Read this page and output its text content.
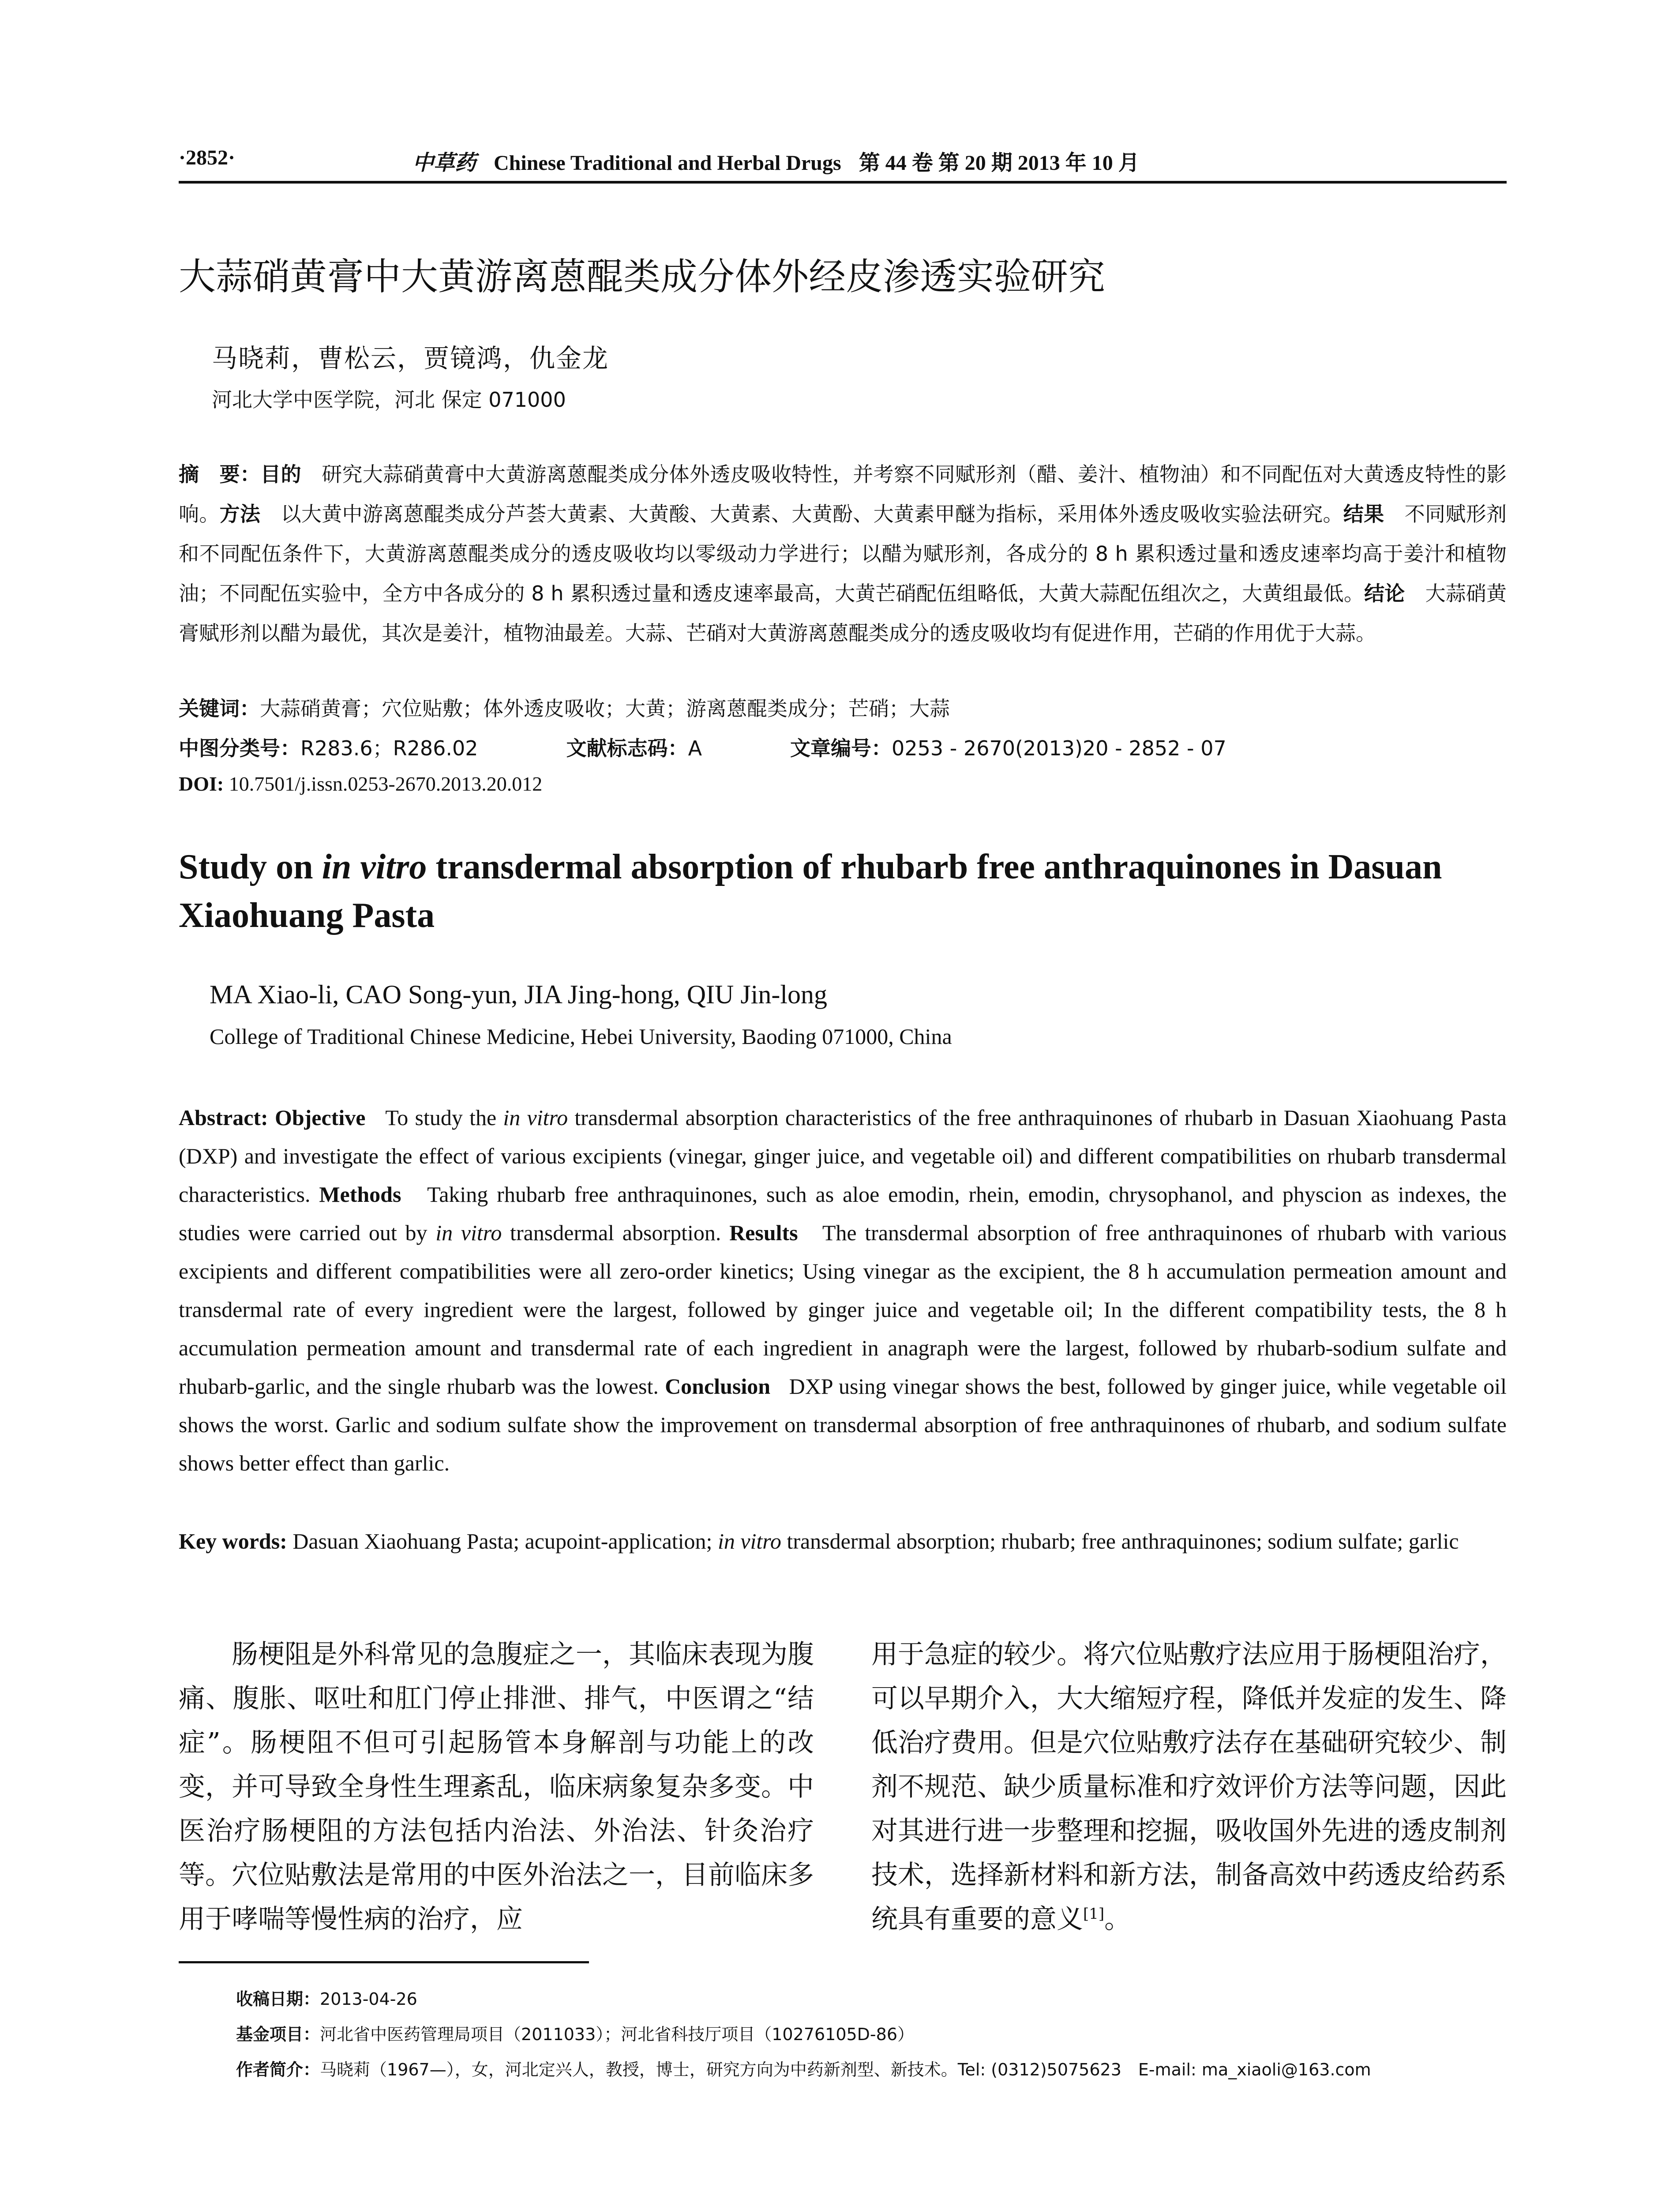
·2852·	中草药 Chinese Traditional and Herbal Drugs 第 44 卷 第 20 期 2013 年 10 月
大蒜硝黄膏中大黄游离蒽醌类成分体外经皮渗透实验研究
马晓莉，曹松云，贾镜鸿，仇金龙
河北大学中医学院，河北 保定 071000
摘　要：目的　 研究大蒜硝黄膏中大黄游离蒽醌类成分体外透皮吸收特性，并考察不同赋形剂（醋、姜汁、植物油）和不同配伍对大黄透皮特性的影响。方法　 以大黄中游离蒽醌类成分芦荟大黄素、大黄酸、大黄素、大黄酚、大黄素甲醚为指标，采用体外透皮吸收实验法研究。结果　 不同赋形剂和不同配伍条件下，大黄游离蒽醌类成分的透皮吸收均以零级动力学进行；以醋为赋形剂，各成分的 8 h 累积透过量和透皮速率均高于姜汁和植物油；不同配伍实验中，全方中各成分的 8 h 累积透过量和透皮速率最高，大黄芒硝配伍组略低，大黄大蒜配伍组次之，大黄组最低。结论　 大蒜硝黄膏赋形剂以醋为最优，其次是姜汁，植物油最差。大蒜、芒硝对大黄游离蒽醌类成分的透皮吸收均有促进作用，芒硝的作用优于大蒜。
关键词：大蒜硝黄膏；穴位贴敷；体外透皮吸收；大黄；游离蒽醌类成分；芒硝；大蒜
中图分类号：R283.6；R286.02	文献标志码：A	文章编号：0253 - 2670(2013)20 - 2852 - 07
DOI: 10.7501/j.issn.0253-2670.2013.20.012
Study on in vitro transdermal absorption of rhubarb free anthraquinones in Dasuan Xiaohuang Pasta
MA Xiao-li, CAO Song-yun, JIA Jing-hong, QIU Jin-long
College of Traditional Chinese Medicine, Hebei University, Baoding 071000, China
Abstract: Objective To study the in vitro transdermal absorption characteristics of the free anthraquinones of rhubarb in Dasuan Xiaohuang Pasta (DXP) and investigate the effect of various excipients (vinegar, ginger juice, and vegetable oil) and different compatibilities on rhubarb transdermal characteristics. Methods Taking rhubarb free anthraquinones, such as aloe emodin, rhein, emodin, chrysophanol, and physcion as indexes, the studies were carried out by in vitro transdermal absorption. Results The transdermal absorption of free anthraquinones of rhubarb with various excipients and different compatibilities were all zero-order kinetics; Using vinegar as the excipient, the 8 h accumulation permeation amount and transdermal rate of every ingredient were the largest, followed by ginger juice and vegetable oil; In the different compatibility tests, the 8 h accumulation permeation amount and transdermal rate of each ingredient in anagraph were the largest, followed by rhubarb-sodium sulfate and rhubarb-garlic, and the single rhubarb was the lowest. Conclusion DXP using vinegar shows the best, followed by ginger juice, while vegetable oil shows the worst. Garlic and sodium sulfate show the improvement on transdermal absorption of free anthraquinones of rhubarb, and sodium sulfate shows better effect than garlic.
Key words: Dasuan Xiaohuang Pasta; acupoint-application; in vitro transdermal absorption; rhubarb; free anthraquinones; sodium sulfate; garlic
肠梗阻是外科常见的急腹症之一，其临床表现为腹痛、腹胀、呕吐和肛门停止排泄、排气，中医谓之“结症”。肠梗阻不但可引起肠管本身解剖与功能上的改变，并可导致全身性生理紊乱，临床病象复杂多变。中医治疗肠梗阻的方法包括内治法、外治法、针灸治疗等。穴位贴敷法是常用的中医外治法之一，目前临床多用于哮喘等慢性病的治疗，应
用于急症的较少。将穴位贴敷疗法应用于肠梗阻治疗，可以早期介入，大大缩短疗程，降低并发症的发生、降低治疗费用。但是穴位贴敷疗法存在基础研究较少、制剂不规范、缺少质量标准和疗效评价方法等问题，因此对其进行进一步整理和挖掘，吸收国外先进的透皮制剂技术，选择新材料和新方法，制备高效中药透皮给药系统具有重要的意义[1]。
收稿日期：2013-04-26
基金项目：河北省中医药管理局项目（2011033）；河北省科技厅项目（10276105D-86）
作者简介：马晓莉（1967—），女，河北定兴人，教授，博士，研究方向为中药新剂型、新技术。Tel: (0312)5075623　E-mail: ma_xiaoli@163.com
